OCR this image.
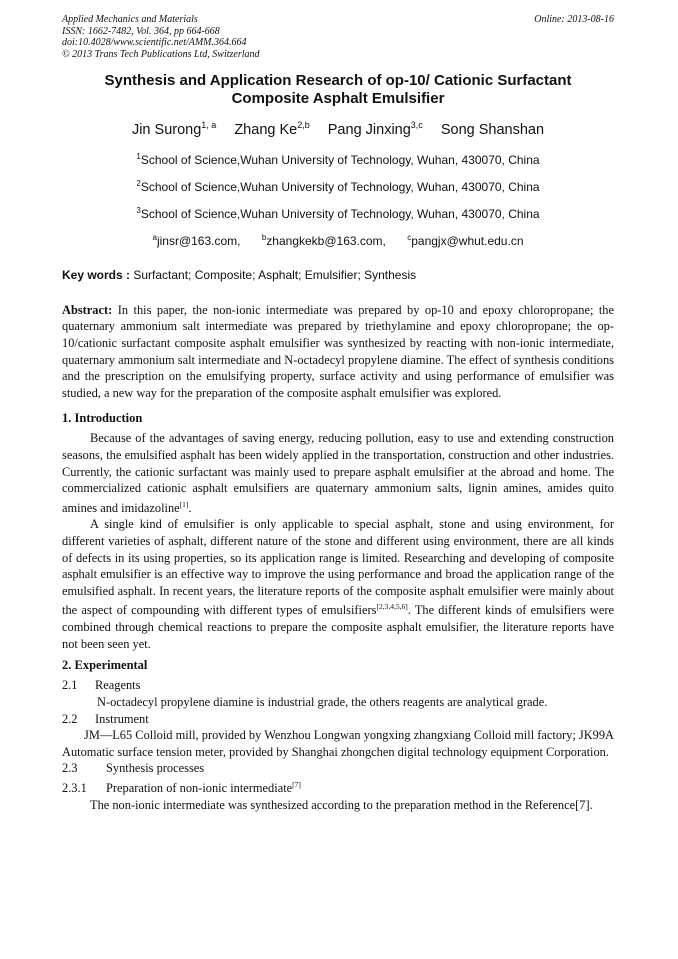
Applied Mechanics and Materials	Online: 2013-08-16
ISSN: 1662-7482, Vol. 364, pp 664-668
doi:10.4028/www.scientific.net/AMM.364.664
© 2013 Trans Tech Publications Ltd, Switzerland
Synthesis and Application Research of op-10/ Cationic Surfactant
Composite Asphalt Emulsifier
Jin Surong$^{1, a}$ Zhang Ke$^{2,b}$ Pang Jinxing$^{3,c}$ Song Shanshan
$^1$School of Science,Wuhan University of Technology, Wuhan, 430070, China
$^2$School of Science,Wuhan University of Technology, Wuhan, 430070, China
$^3$School of Science,Wuhan University of Technology, Wuhan, 430070, China
$^a$jinsr@163.com,	$^b$zhangkekb@163.com,	$^c$pangjx@whut.edu.cn
Key words : Surfactant; Composite; Asphalt; Emulsifier; Synthesis

Abstract: In this paper, the non-ionic intermediate was prepared by op-10 and epoxy chloropropane; the quaternary ammonium salt intermediate was prepared by triethylamine and epoxy chloropropane; the op-10/cationic surfactant composite asphalt emulsifier was synthesized by reacting with non-ionic intermediate, quaternary ammonium salt intermediate and N-octadecyl propylene diamine. The effect of synthesis conditions and the prescription on the emulsifying property, surface activity and using performance of emulsifier was studied, a new way for the preparation of the composite asphalt emulsifier was explored.

1. Introduction

Because of the advantages of saving energy, reducing pollution, easy to use and extending construction seasons, the emulsified asphalt has been widely applied in the transportation, construction and other industries. Currently, the cationic surfactant was mainly used to prepare asphalt emulsifier at the abroad and home. The commercialized cationic asphalt emulsifiers are quaternary ammonium salts, lignin amines, amides quito amines and imidazoline[1].

A single kind of emulsifier is only applicable to special asphalt, stone and using environment, for different varieties of asphalt, different nature of the stone and different using environment, there are all kinds of defects in its using properties, so its application range is limited. Researching and developing of composite asphalt emulsifier is an effective way to improve the using performance and broad the application range of the emulsified asphalt. In recent years, the literature reports of the composite asphalt emulsifier were mainly about the aspect of compounding with different types of emulsifiers[2,3,4,5,6]. The different kinds of emulsifiers were combined through chemical reactions to prepare the composite asphalt emulsifier, the literature reports have not been seen yet.

2. Experimental
2.1 Reagents
N-octadecyl propylene diamine is industrial grade, the others reagents are analytical grade.
2.2 Instrument

JM—L65 Colloid mill, provided by Wenzhou Longwan yongxing zhangxiang Colloid mill factory; JK99A Automatic surface tension meter, provided by Shanghai zhongchen digital technology equipment Corporation.

2.3 Synthesis processes
2.3.1 Preparation of non-ionic intermediate[7]

The non-ionic intermediate was synthesized according to the preparation method in the Reference[7].
